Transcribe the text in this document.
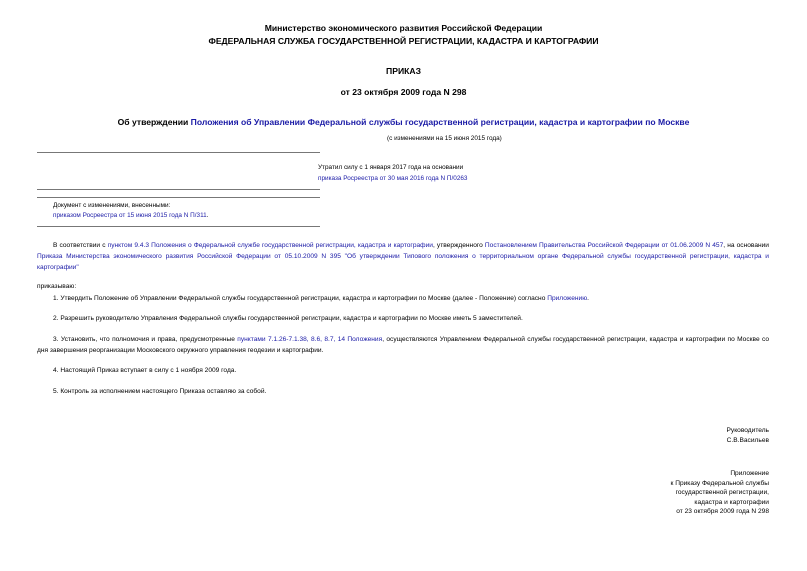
Министерство экономического развития Российской Федерации
ФЕДЕРАЛЬНАЯ СЛУЖБА ГОСУДАРСТВЕННОЙ РЕГИСТРАЦИИ, КАДАСТРА И КАРТОГРАФИИ
ПРИКАЗ
от 23 октября 2009 года N 298
Об утверждении Положения об Управлении Федеральной службы государственной регистрации, кадастра и картографии по Москве
(с изменениями на 15 июня 2015 года)
Утратил силу с 1 января 2017 года на основании
приказа Росреестра от 30 мая 2016 года N П/0263
Документ с изменениями, внесенными:
приказом Росреестра от 15 июня 2015 года N П/311.
В соответствии с пунктом 9.4.3 Положения о Федеральной службе государственной регистрации, кадастра и картографии, утвержденного Постановлением Правительства Российской Федерации от 01.06.2009 N 457, на основании Приказа Министерства экономического развития Российской Федерации от 05.10.2009 N 395 "Об утверждении Типового положения о территориальном органе Федеральной службы государственной регистрации, кадастра и картографии"
приказываю:
1. Утвердить Положение об Управлении Федеральной службы государственной регистрации, кадастра и картографии по Москве (далее - Положение) согласно Приложению.
2. Разрешить руководителю Управления Федеральной службы государственной регистрации, кадастра и картографии по Москве иметь 5 заместителей.
3. Установить, что полномочия и права, предусмотренные пунктами 7.1.26-7.1.38, 8.6, 8.7, 14 Положения, осуществляются Управлением Федеральной службы государственной регистрации, кадастра и картографии по Москве со дня завершения реорганизации Московского окружного управления геодезии и картографии.
4. Настоящий Приказ вступает в силу с 1 ноября 2009 года.
5. Контроль за исполнением настоящего Приказа оставляю за собой.
Руководитель
С.В.Васильев
Приложение
к Приказу Федеральной службы
государственной регистрации,
кадастра и картографии
от 23 октября 2009 года N 298
